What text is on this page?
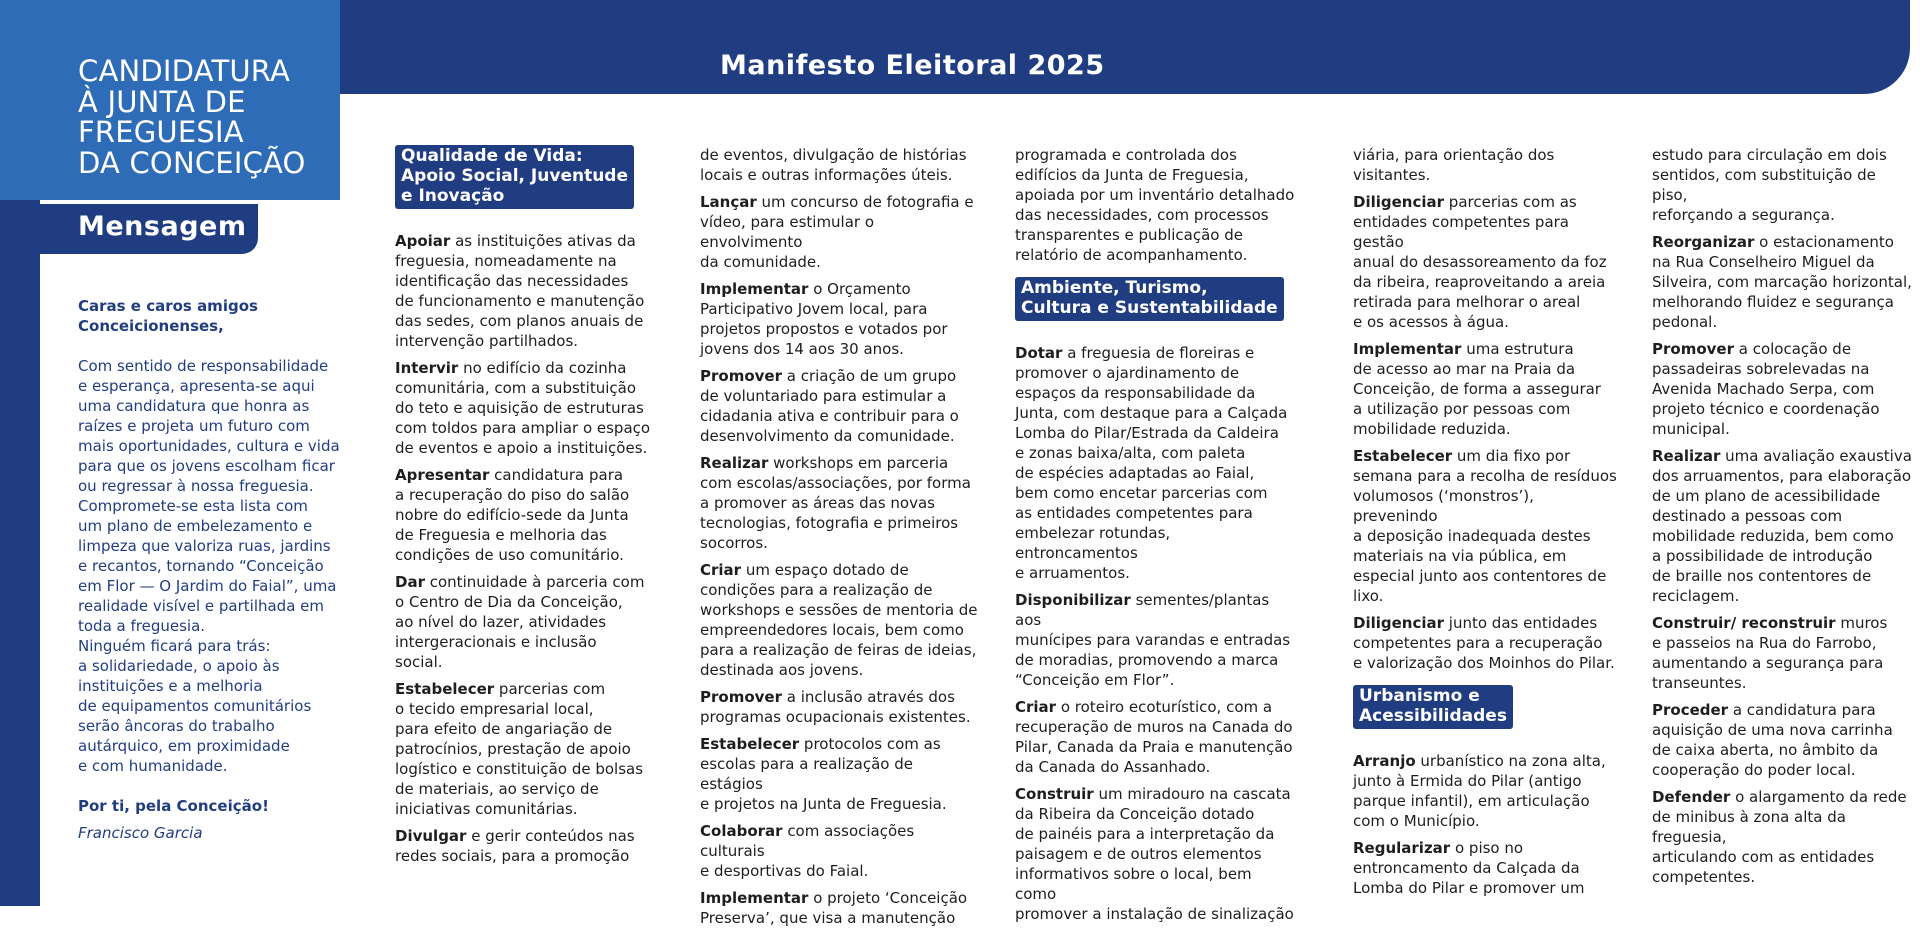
CANDIDATURA
À JUNTA DE
FREGUESIA
DA CONCEIÇÃO
Manifesto Eleitoral 2025
Mensagem

Caras e caros amigos
Conceicionenses,

Com sentido de responsabilidade
e esperança, apresenta-se aqui
uma candidatura que honra as
raízes e projeta um futuro com
mais oportunidades, cultura e vida
para que os jovens escolham ficar
ou regressar à nossa freguesia.
Compromete-se esta lista com
um plano de embelezamento e
limpeza que valoriza ruas, jardins
e recantos, tornando “Conceição
em Flor — O Jardim do Faial”, uma
realidade visível e partilhada em
toda a freguesia.
Ninguém ficará para trás:
a solidariedade, o apoio às
instituições e a melhoria
de equipamentos comunitários
serão âncoras do trabalho
autárquico, em proximidade
e com humanidade.

Por ti, pela Conceição!

Francisco Garcia

Qualidade de Vida:
Apoio Social, Juventude
e Inovação

Apoiar as instituições ativas da
freguesia, nomeadamente na
identificação das necessidades
de funcionamento e manutenção
das sedes, com planos anuais de
intervenção partilhados.

Intervir no edifício da cozinha
comunitária, com a substituição
do teto e aquisição de estruturas
com toldos para ampliar o espaço
de eventos e apoio a instituições.

Apresentar candidatura para
a recuperação do piso do salão
nobre do edifício-sede da Junta
de Freguesia e melhoria das
condições de uso comunitário.

Dar continuidade à parceria com
o Centro de Dia da Conceição,
ao nível do lazer, atividades
intergeracionais e inclusão
social.

Estabelecer parcerias com
o tecido empresarial local,
para efeito de angariação de
patrocínios, prestação de apoio
logístico e constituição de bolsas
de materiais, ao serviço de
iniciativas comunitárias.

Divulgar e gerir conteúdos nas
redes sociais, para a promoção

de eventos, divulgação de histórias
locais e outras informações úteis.

Lançar um concurso de fotografia e
vídeo, para estimular o envolvimento
da comunidade.

Implementar o Orçamento
Participativo Jovem local, para
projetos propostos e votados por
jovens dos 14 aos 30 anos.

Promover a criação de um grupo
de voluntariado para estimular a
cidadania ativa e contribuir para o
desenvolvimento da comunidade.

Realizar workshops em parceria
com escolas/associações, por forma
a promover as áreas das novas
tecnologias, fotografia e primeiros
socorros.

Criar um espaço dotado de
condições para a realização de
workshops e sessões de mentoria de
empreendedores locais, bem como
para a realização de feiras de ideias,
destinada aos jovens.

Promover a inclusão através dos
programas ocupacionais existentes.

Estabelecer protocolos com as
escolas para a realização de estágios
e projetos na Junta de Freguesia.

Colaborar com associações culturais
e desportivas do Faial.

Implementar o projeto ‘Conceição
Preserva’, que visa a manutenção

programada e controlada dos
edifícios da Junta de Freguesia,
apoiada por um inventário detalhado
das necessidades, com processos
transparentes e publicação de
relatório de acompanhamento.

Ambiente, Turismo,
Cultura e Sustentabilidade

Dotar a freguesia de floreiras e
promover o ajardinamento de
espaços da responsabilidade da
Junta, com destaque para a Calçada
Lomba do Pilar/Estrada da Caldeira
e zonas baixa/alta, com paleta
de espécies adaptadas ao Faial,
bem como encetar parcerias com
as entidades competentes para
embelezar rotundas, entroncamentos
e arruamentos.

Disponibilizar sementes/plantas aos
munícipes para varandas e entradas
de moradias, promovendo a marca
“Conceição em Flor”.

Criar o roteiro ecoturístico, com a
recuperação de muros na Canada do
Pilar, Canada da Praia e manutenção
da Canada do Assanhado.

Construir um miradouro na cascata
da Ribeira da Conceição dotado
de painéis para a interpretação da
paisagem e de outros elementos
informativos sobre o local, bem como
promover a instalação de sinalização

viária, para orientação dos
visitantes.

Diligenciar parcerias com as
entidades competentes para gestão
anual do desassoreamento da foz
da ribeira, reaproveitando a areia
retirada para melhorar o areal
e os acessos à água.

Implementar uma estrutura
de acesso ao mar na Praia da
Conceição, de forma a assegurar
a utilização por pessoas com
mobilidade reduzida.

Estabelecer um dia fixo por
semana para a recolha de resíduos
volumosos (‘monstros’), prevenindo
a deposição inadequada destes
materiais na via pública, em
especial junto aos contentores de
lixo.

Diligenciar junto das entidades
competentes para a recuperação
e valorização dos Moinhos do Pilar.

Urbanismo e
Acessibilidades

Arranjo urbanístico na zona alta,
junto à Ermida do Pilar (antigo
parque infantil), em articulação
com o Município.

Regularizar o piso no
entroncamento da Calçada da
Lomba do Pilar e promover um

estudo para circulação em dois
sentidos, com substituição de piso,
reforçando a segurança.

Reorganizar o estacionamento
na Rua Conselheiro Miguel da
Silveira, com marcação horizontal,
melhorando fluidez e segurança
pedonal.

Promover a colocação de
passadeiras sobrelevadas na
Avenida Machado Serpa, com
projeto técnico e coordenação
municipal.

Realizar uma avaliação exaustiva
dos arruamentos, para elaboração
de um plano de acessibilidade
destinado a pessoas com
mobilidade reduzida, bem como
a possibilidade de introdução
de braille nos contentores de
reciclagem.

Construir/ reconstruir muros
e passeios na Rua do Farrobo,
aumentando a segurança para
transeuntes.

Proceder a candidatura para
aquisição de uma nova carrinha
de caixa aberta, no âmbito da
cooperação do poder local.

Defender o alargamento da rede
de minibus à zona alta da freguesia,
articulando com as entidades
competentes.
